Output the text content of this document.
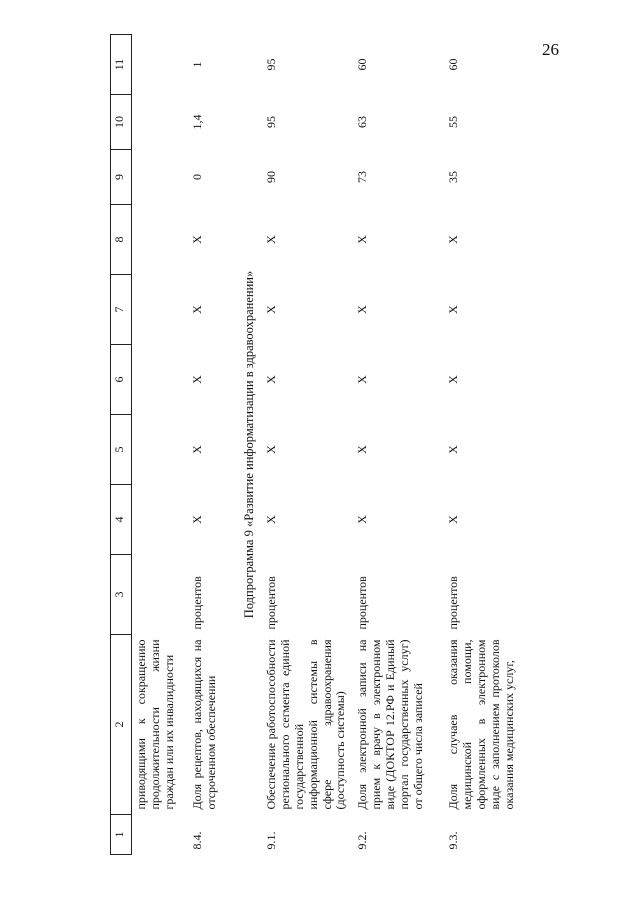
26
1	2	3	4	5	6	7	8	9	10	11
	приводящими к сокращению продолжительности жизни граждан или их инвалидности									
8.4.	Доля рецептов, находящихся на отсроченном обеспечении	процентов	X	X	X	X	X	0	1,4	1
Подпрограмма 9 «Развитие информатизации в здравоохранении»										
9.1.	Обеспечение работоспособности регионального сегмента единой государственной информационной системы в сфере здравоохранения (доступность системы)	процентов	X	X	X	X	X	90	95	95
9.2.	Доля электронной записи на прием к врачу в электронном виде (ДОКТОР 12.РФ и Единый портал государственных услуг) от общего числа записей	процентов	X	X	X	X	X	73	63	60
9.3.	Доля случаев оказания медицинской помощи, оформленных в электронном виде с заполнением протоколов оказания медицинских услуг,	процентов	X	X	X	X	X	35	55	60
